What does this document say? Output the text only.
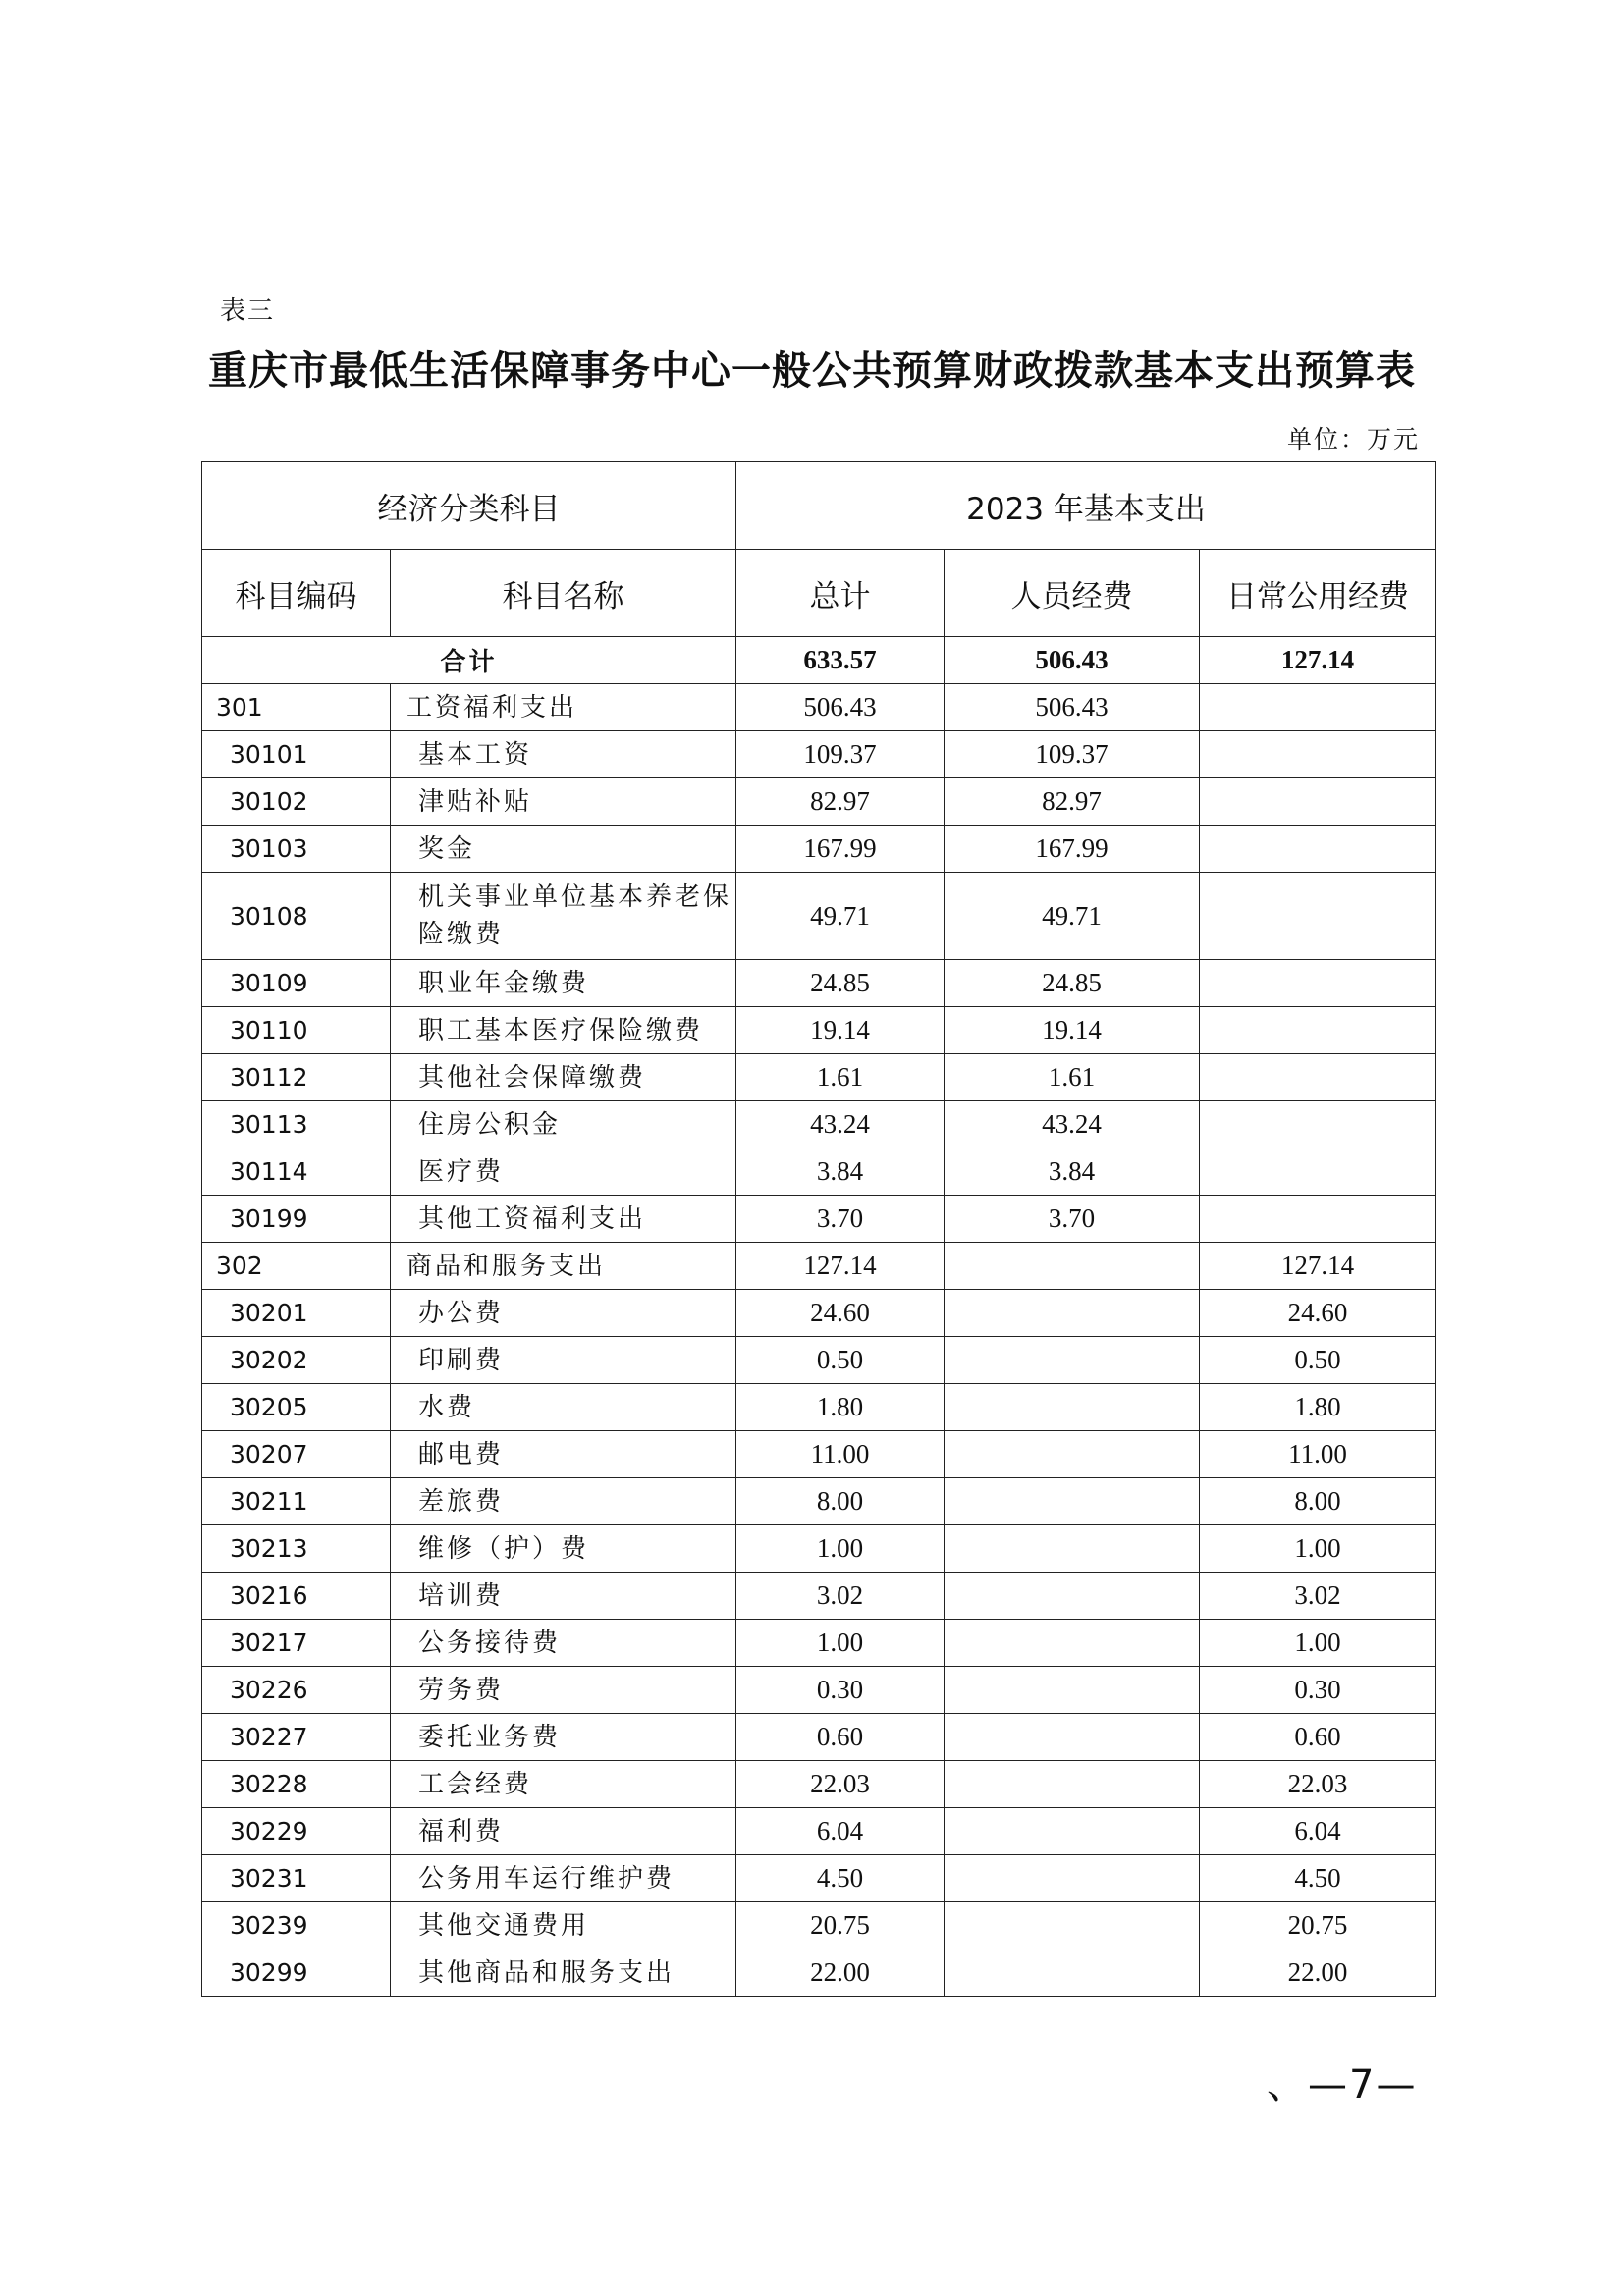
表三
重庆市最低生活保障事务中心一般公共预算财政拨款基本支出预算表
单位：万元
经济分类科目		2023 年基本支出		
科目编码	科目名称	总计	人员经费	日常公用经费
合计		633.57	506.43	127.14
301	工资福利支出	506.43	506.43	
30101	基本工资	109.37	109.37	
30102	津贴补贴	82.97	82.97	
30103	奖金	167.99	167.99	
30108	机关事业单位基本养老保险缴费	49.71	49.71	
30109	职业年金缴费	24.85	24.85	
30110	职工基本医疗保险缴费	19.14	19.14	
30112	其他社会保障缴费	1.61	1.61	
30113	住房公积金	43.24	43.24	
30114	医疗费	3.84	3.84	
30199	其他工资福利支出	3.70	3.70	
302	商品和服务支出	127.14		127.14
30201	办公费	24.60		24.60
30202	印刷费	0.50		0.50
30205	水费	1.80		1.80
30207	邮电费	11.00		11.00
30211	差旅费	8.00		8.00
30213	维修（护）费	1.00		1.00
30216	培训费	3.02		3.02
30217	公务接待费	1.00		1.00
30226	劳务费	0.30		0.30
30227	委托业务费	0.60		0.60
30228	工会经费	22.03		22.03
30229	福利费	6.04		6.04
30231	公务用车运行维护费	4.50		4.50
30239	其他交通费用	20.75		20.75
30299	其他商品和服务支出	22.00		22.00
、—7—
